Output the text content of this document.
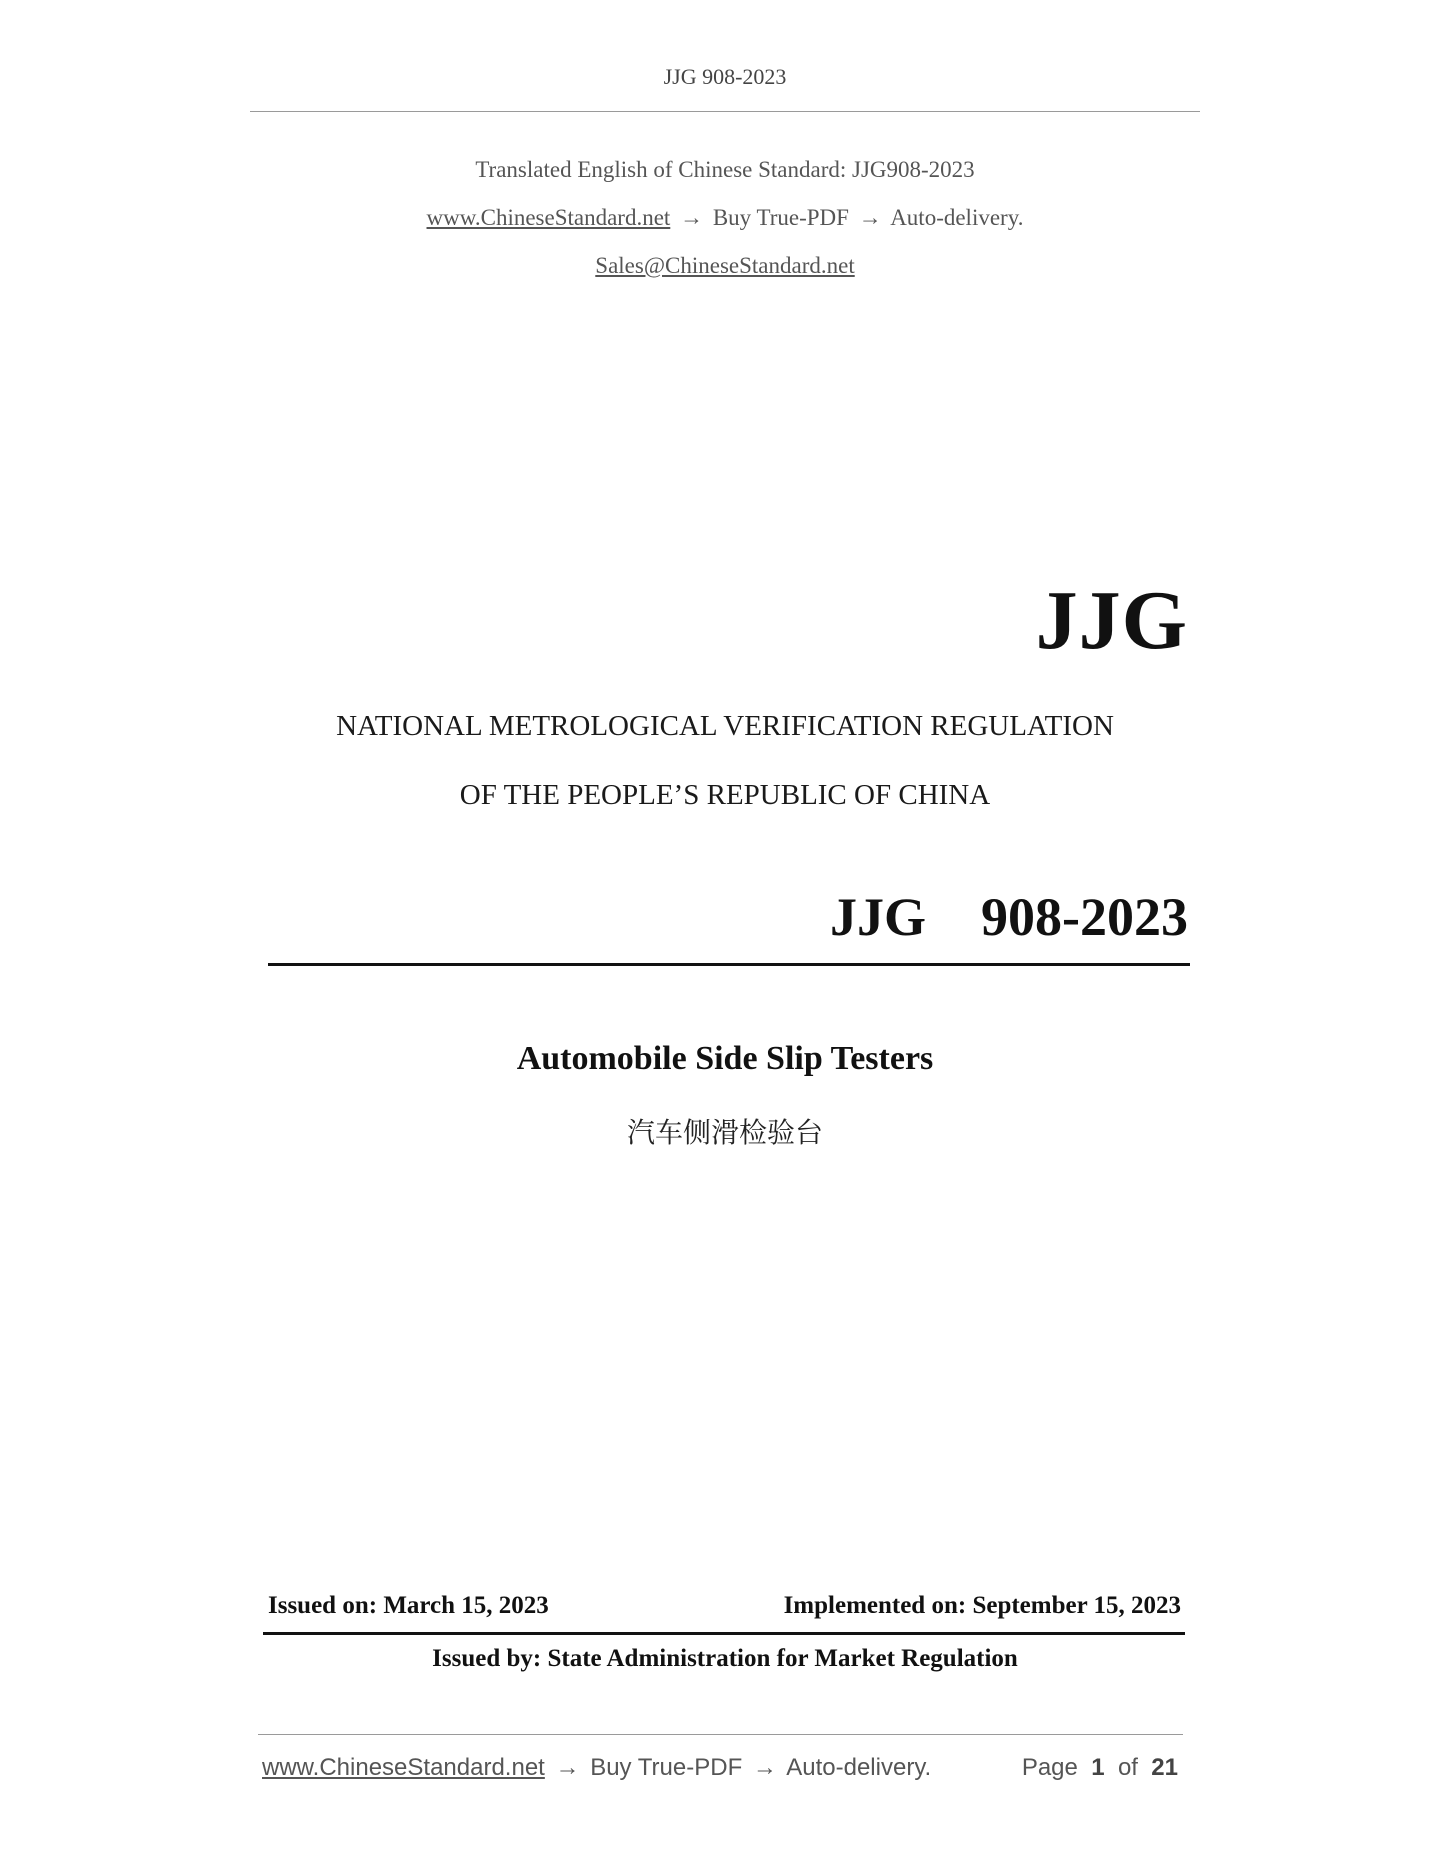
JJG 908-2023
Translated English of Chinese Standard: JJG908-2023
www.ChineseStandard.net → Buy True-PDF → Auto-delivery.
Sales@ChineseStandard.net
JJG
NATIONAL METROLOGICAL VERIFICATION REGULATION
OF THE PEOPLE’S REPUBLIC OF CHINA
JJG  908-2023
Automobile Side Slip Testers
汽车侧滑检验台
Issued on: March 15, 2023	Implemented on: September 15, 2023
Issued by: State Administration for Market Regulation
www.ChineseStandard.net → Buy True-PDF → Auto-delivery.	Page 1 of 21
